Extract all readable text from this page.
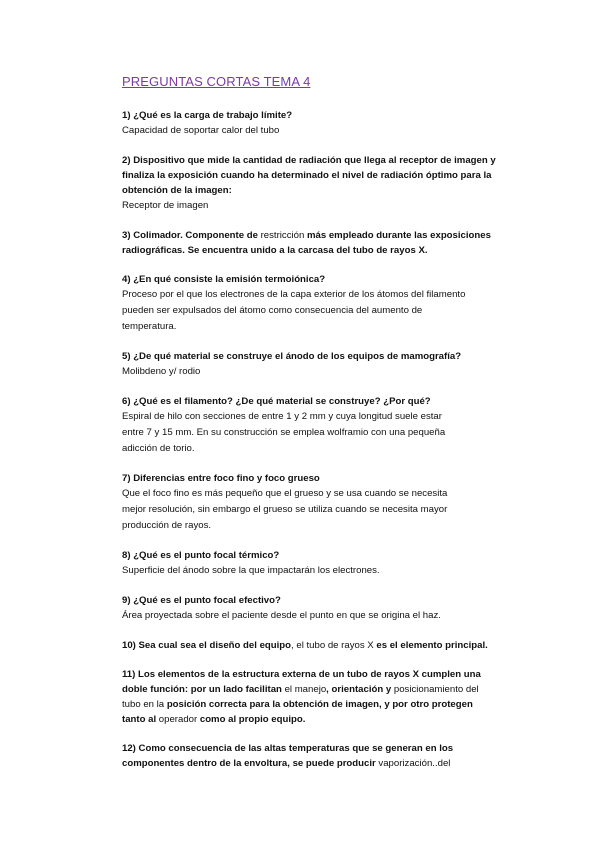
PREGUNTAS CORTAS TEMA 4
1) ¿Qué es la carga de trabajo límite?
Capacidad de soportar calor del tubo
2) Dispositivo que mide la cantidad de radiación que llega al receptor de imagen y
finaliza la exposición cuando ha determinado el nivel de radiación óptimo para la
obtención de la imagen:
Receptor de imagen
3) Colimador. Componente de restricción más empleado durante las exposiciones
radiográficas. Se encuentra unido a la carcasa del tubo de rayos X.
4) ¿En qué consiste la emisión termoiónica?
Proceso por el que los electrones de la capa exterior de los átomos del filamento
pueden ser expulsados del átomo como consecuencia del aumento de
temperatura.
5) ¿De qué material se construye el ánodo de los equipos de mamografía?
Molibdeno y/ rodio
6) ¿Qué es el filamento? ¿De qué material se construye? ¿Por qué?
Espiral de hilo con secciones de entre 1 y 2 mm y cuya longitud suele estar
entre 7 y 15 mm. En su construcción se emplea wolframio con una pequeña
adicción de torio.
7) Diferencias entre foco fino y foco grueso
Que el foco fino es más pequeño que el grueso y se usa cuando se necesita
mejor resolución, sin embargo el grueso se utiliza cuando se necesita mayor
producción de rayos.
8) ¿Qué es el punto focal térmico?
Superficie del ánodo sobre la que impactarán los electrones.
9) ¿Qué es el punto focal efectivo?
Área proyectada sobre el paciente desde el punto en que se origina el haz.
10) Sea cual sea el diseño del equipo, el tubo de rayos X es el elemento principal.
11) Los elementos de la estructura externa de un tubo de rayos X cumplen una
doble función: por un lado facilitan el manejo, orientación y posicionamiento del
tubo en la posición correcta para la obtención de imagen, y por otro protegen
tanto al operador como al propio equipo.
12) Como consecuencia de las altas temperaturas que se generan en los
componentes dentro de la envoltura, se puede producir vaporización..del
